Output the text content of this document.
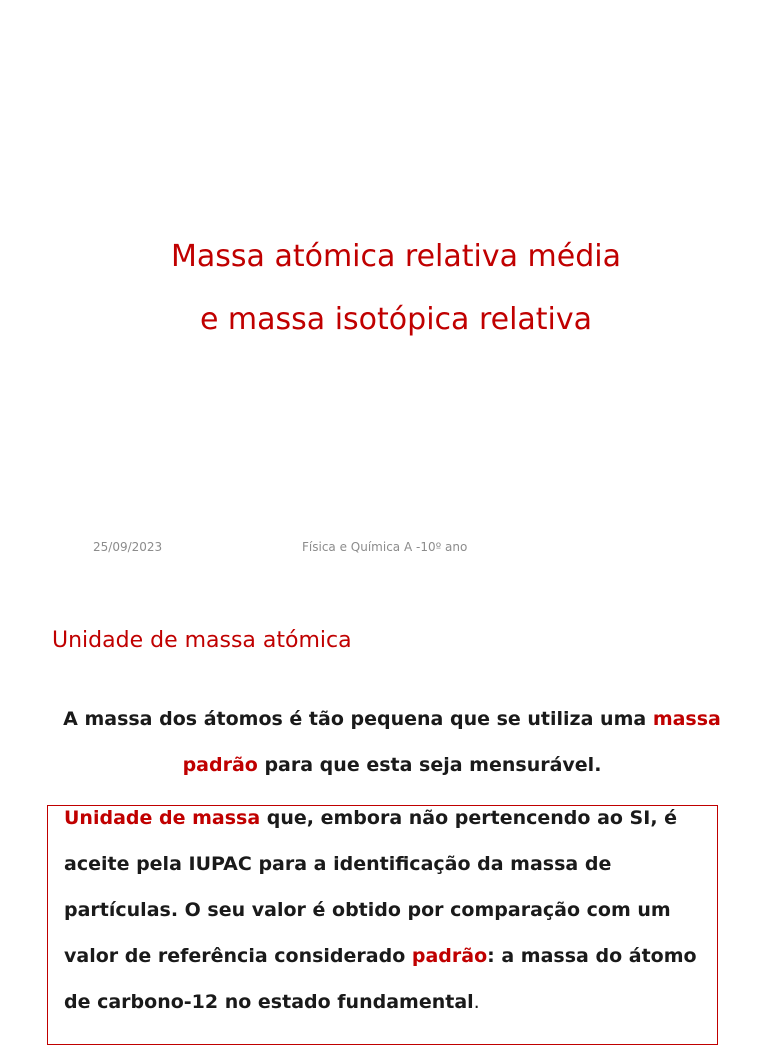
Massa atómica relativa média
e massa isotópica relativa
25/09/2023	Física e Química A -10º ano
Unidade de massa atómica
A massa dos átomos é tão pequena que se utiliza uma massa
padrão para que esta seja mensurável.
Unidade de massa que, embora não pertencendo ao SI, é
aceite pela IUPAC para a identificação da massa de
partículas. O seu valor é obtido por comparação com um
valor de referência considerado padrão: a massa do átomo
de carbono-12 no estado fundamental.
